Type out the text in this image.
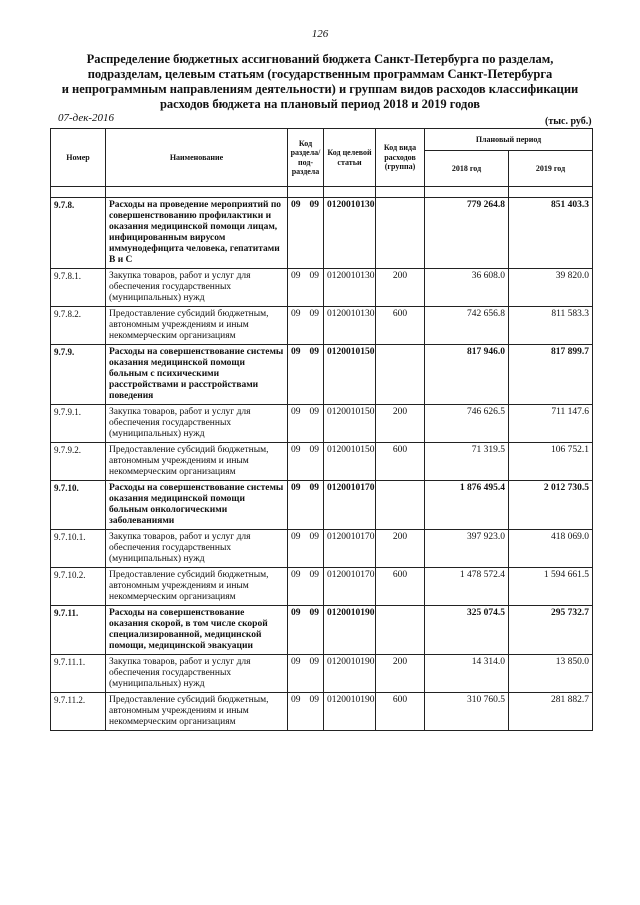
126
Распределение бюджетных ассигнований бюджета Санкт-Петербурга по разделам,
подразделам, целевым статьям (государственным программам Санкт-Петербурга
и непрограммным направлениям деятельности) и группам видов расходов классификации
расходов бюджета на плановый период 2018 и 2019 годов
07-дек-2016	(тыс. руб.)
Номер	Наименование	Код раздела/ под- раздела	Код целевой статьи	Код вида расходов (группа)	Плановый период	
					2018 год	2019 год

9.7.8.	Расходы на проведение мероприятий по совершенствованию профилактики и оказания медицинской помощи лицам, инфицированным вирусом иммунодефицита человека, гепатитами В и С	09 09	0120010130		779 264.8	851 403.3
9.7.8.1.	Закупка товаров, работ и услуг для обеспечения государственных (муниципальных) нужд	09 09	0120010130	200	36 608.0	39 820.0
9.7.8.2.	Предоставление субсидий бюджетным, автономным учреждениям и иным некоммерческим организациям	09 09	0120010130	600	742 656.8	811 583.3
9.7.9.	Расходы на совершенствование системы оказания медицинской помощи больным с психическими расстройствами и расстройствами поведения	09 09	0120010150		817 946.0	817 899.7
9.7.9.1.	Закупка товаров, работ и услуг для обеспечения государственных (муниципальных) нужд	09 09	0120010150	200	746 626.5	711 147.6
9.7.9.2.	Предоставление субсидий бюджетным, автономным учреждениям и иным некоммерческим организациям	09 09	0120010150	600	71 319.5	106 752.1
9.7.10.	Расходы на совершенствование системы оказания медицинской помощи больным онкологическими заболеваниями	09 09	0120010170		1 876 495.4	2 012 730.5
9.7.10.1.	Закупка товаров, работ и услуг для обеспечения государственных (муниципальных) нужд	09 09	0120010170	200	397 923.0	418 069.0
9.7.10.2.	Предоставление субсидий бюджетным, автономным учреждениям и иным некоммерческим организациям	09 09	0120010170	600	1 478 572.4	1 594 661.5
9.7.11.	Расходы на совершенствование оказания скорой, в том числе скорой специализированной, медицинской помощи, медицинской эвакуации	09 09	0120010190		325 074.5	295 732.7
9.7.11.1.	Закупка товаров, работ и услуг для обеспечения государственных (муниципальных) нужд	09 09	0120010190	200	14 314.0	13 850.0
9.7.11.2.	Предоставление субсидий бюджетным, автономным учреждениям и иным некоммерческим организациям	09 09	0120010190	600	310 760.5	281 882.7
